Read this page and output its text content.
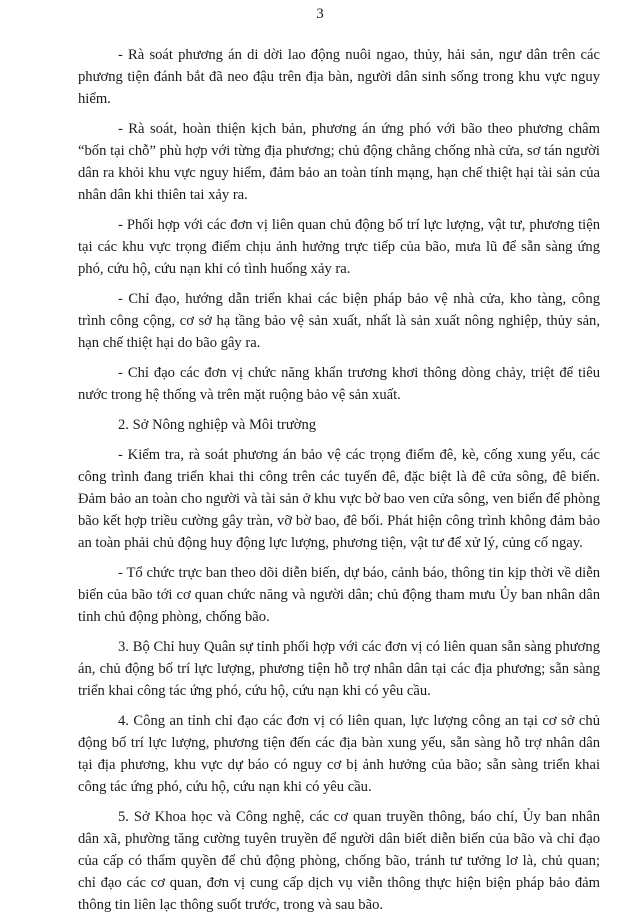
3

- Rà soát phương án di dời lao động nuôi ngao, thủy, hải sản, ngư dân trên các phương tiện đánh bắt đã neo đậu trên địa bàn, người dân sinh sống trong khu vực nguy hiểm.

- Rà soát, hoàn thiện kịch bản, phương án ứng phó với bão theo phương châm “bốn tại chỗ” phù hợp với từng địa phương; chủ động chằng chống nhà cửa, sơ tán người dân ra khỏi khu vực nguy hiểm, đảm bảo an toàn tính mạng, hạn chế thiệt hại tài sản của nhân dân khi thiên tai xảy ra.

- Phối hợp với các đơn vị liên quan chủ động bố trí lực lượng, vật tư, phương tiện tại các khu vực trọng điểm chịu ảnh hưởng trực tiếp của bão, mưa lũ để sẵn sàng ứng phó, cứu hộ, cứu nạn khi có tình huống xảy ra.

- Chỉ đạo, hướng dẫn triển khai các biện pháp bảo vệ nhà cửa, kho tàng, công trình công cộng, cơ sở hạ tầng bảo vệ sản xuất, nhất là sản xuất nông nghiệp, thủy sản, hạn chế thiệt hại do bão gây ra.

- Chỉ đạo các đơn vị chức năng khẩn trương khơi thông dòng chảy, triệt để tiêu nước trong hệ thống và trên mặt ruộng bảo vệ sản xuất.

2. Sở Nông nghiệp và Môi trường

- Kiểm tra, rà soát phương án bảo vệ các trọng điểm đê, kè, cống xung yếu, các công trình đang triển khai thi công trên các tuyến đê, đặc biệt là đê cửa sông, đê biển. Đảm bảo an toàn cho người và tài sản ở khu vực bờ bao ven cửa sông, ven biển để phòng bão kết hợp triều cường gây tràn, vỡ bờ bao, đê bối. Phát hiện công trình không đảm bảo an toàn phải chủ động huy động lực lượng, phương tiện, vật tư để xử lý, củng cố ngay.

- Tổ chức trực ban theo dõi diễn biến, dự báo, cảnh báo, thông tin kịp thời về diễn biến của bão tới cơ quan chức năng và người dân; chủ động tham mưu Ủy ban nhân dân tỉnh chủ động phòng, chống bão.

3. Bộ Chỉ huy Quân sự tỉnh phối hợp với các đơn vị có liên quan sẵn sàng phương án, chủ động bố trí lực lượng, phương tiện hỗ trợ nhân dân tại các địa phương; sẵn sàng triển khai công tác ứng phó, cứu hộ, cứu nạn khi có yêu cầu.

4. Công an tỉnh chỉ đạo các đơn vị có liên quan, lực lượng công an tại cơ sở chủ động bố trí lực lượng, phương tiện đến các địa bàn xung yếu, sẵn sàng hỗ trợ nhân dân tại địa phương, khu vực dự báo có nguy cơ bị ảnh hưởng của bão; sẵn sàng triển khai công tác ứng phó, cứu hộ, cứu nạn khi có yêu cầu.

5. Sở Khoa học và Công nghệ, các cơ quan truyền thông, báo chí, Ủy ban nhân dân xã, phường tăng cường tuyên truyền để người dân biết diễn biến của bão và chỉ đạo của cấp có thẩm quyền để chủ động phòng, chống bão, tránh tư tưởng lơ là, chủ quan; chỉ đạo các cơ quan, đơn vị cung cấp dịch vụ viễn thông thực hiện biện pháp bảo đảm thông tin liên lạc thông suốt trước, trong và sau bão.
